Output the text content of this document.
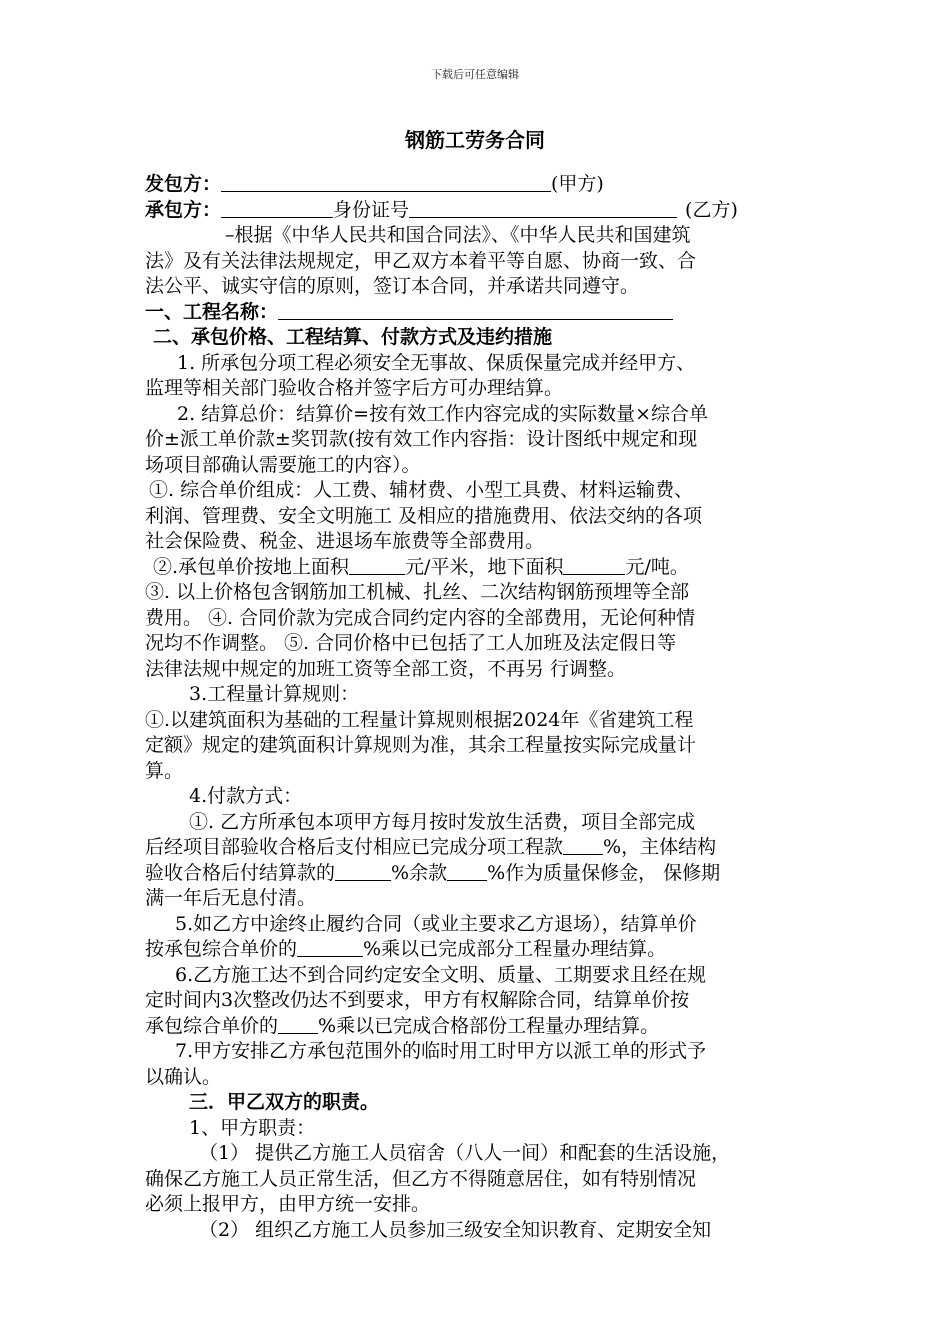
下载后可任意编辑
钢筋工劳务合同
发包方：	(甲方)
承包方：	身份证号	(乙方)
–根据《中华人民共和国合同法》、《中华人民共和国建筑
法》及有关法律法规规定，甲乙双方本着平等自愿、协商一致、合
法公平、诚实守信的原则，签订本合同，并承诺共同遵守。
一、工程名称：
二、承包价格、工程结算、付款方式及违约措施
1. 所承包分项工程必须安全无事故、保质保量完成并经甲方、
监理等相关部门验收合格并签字后方可办理结算。
2. 结算总价：结算价=按有效工作内容完成的实际数量×综合单
价±派工单价款±奖罚款(按有效工作内容指：设计图纸中规定和现
场项目部确认需要施工的内容）。
①. 综合单价组成：人工费、辅材费、小型工具费、材料运输费、
利润、管理费、安全文明施工 及相应的措施费用、依法交纳的各项
社会保险费、税金、进退场车旅费等全部费用。
②.承包单价按地上面积	元/平米，地下面积	元/吨。
③. 以上价格包含钢筋加工机械、扎丝、二次结构钢筋预埋等全部
费用。 ④. 合同价款为完成合同约定内容的全部费用，无论何种情
况均不作调整。 ⑤. 合同价格中已包括了工人加班及法定假日等
法律法规中规定的加班工资等全部工资，不再另 行调整。
3.工程量计算规则：
①.以建筑面积为基础的工程量计算规则根据2024年《省建筑工程
定额》规定的建筑面积计算规则为准，其余工程量按实际完成量计
算。
4.付款方式：
①. 乙方所承包本项甲方每月按时发放生活费，项目全部完成
后经项目部验收合格后支付相应已完成分项工程款 %，主体结构
验收合格后付结算款的	%余款 %作为质量保修金， 保修期
满一年后无息付清。
5.如乙方中途终止履约合同（或业主要求乙方退场），结算单价
按承包综合单价的	%乘以已完成部分工程量办理结算。
6.乙方施工达不到合同约定安全文明、质量、工期要求且经在规
定时间内3次整改仍达不到要求，甲方有权解除合同，结算单价按
承包综合单价的 %乘以已完成合格部份工程量办理结算。
7.甲方安排乙方承包范围外的临时用工时甲方以派工单的形式予
以确认。
三．甲乙双方的职责。
1、甲方职责：
（1） 提供乙方施工人员宿舍（八人一间）和配套的生活设施，
确保乙方施工人员正常生活，但乙方不得随意居住，如有特别情况
必须上报甲方，由甲方统一安排。
（2） 组织乙方施工人员参加三级安全知识教育、定期安全知
